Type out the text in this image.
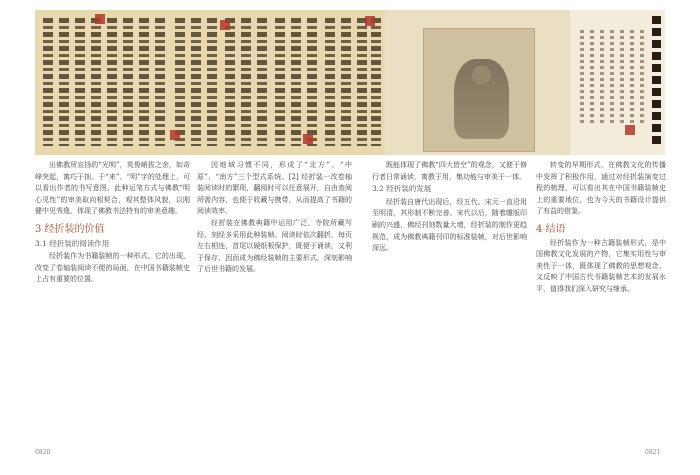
出佛教所宣扬的“光明”，英俊峭拔之余，如奇峰突起，寓巧于拙。于“来”、“明”字的处理上，可以看出作者的书写意图，此种运笔方式与佛教“明心见性”的审美取向相契合，观其整体风貌，以刚健中见秀逸，体现了佛教书法特有的审美意趣。

3 经折装的价值
3.1 经折装的阅读作用

经折装作为书籍装帧的一种形式，它的出现，改变了卷轴装阅读不便的局面，在中国书籍装帧史上占有重要的位置。

因地域习惯不同，形成了“北方”、“中原”、“南方”三个型式系统。[2] 经折装一改卷轴装阅读时的繁琐，翻阅时可以任意展开，自由查阅所需内容，也便于收藏与携带，从而提高了书籍的阅读效率。

经折装在佛教典籍中运用广泛，寺院所藏写经、刻经多采用此种装帧。阅读时依次翻折，每页左右相连，首尾以硬纸板保护，既便于诵读，又利于保存，因而成为佛经装帧的主要形式，深刻影响了后世书籍的发展。

既能体现了佛教“四大皆空”的观念，又便于修行者日常诵读，寓教于用，集功能与审美于一体。

3.2 经折装的发展

经折装自唐代出现后，经五代、宋元一直沿用至明清，其形制不断完善。宋代以后，随着雕版印刷的兴盛，佛经刊刻数量大增，经折装的制作更趋规范，成为佛教典籍刊印的标准装帧，对后世影响深远。

转变的早期形式，在佛教文化的传播中发挥了积极作用，通过对经折装演变过程的梳理，可以看出其在中国书籍装帧史上的重要地位，也为今天的书籍设计提供了有益的借鉴。

4 结语

经折装作为一种古籍装帧形式，是中国佛教文化发展的产物，它集实用性与审美性于一体，既体现了佛教的思想观念，又反映了中国古代书籍装帧艺术的发展水平，值得我们深入研究与继承。

0820	0821
